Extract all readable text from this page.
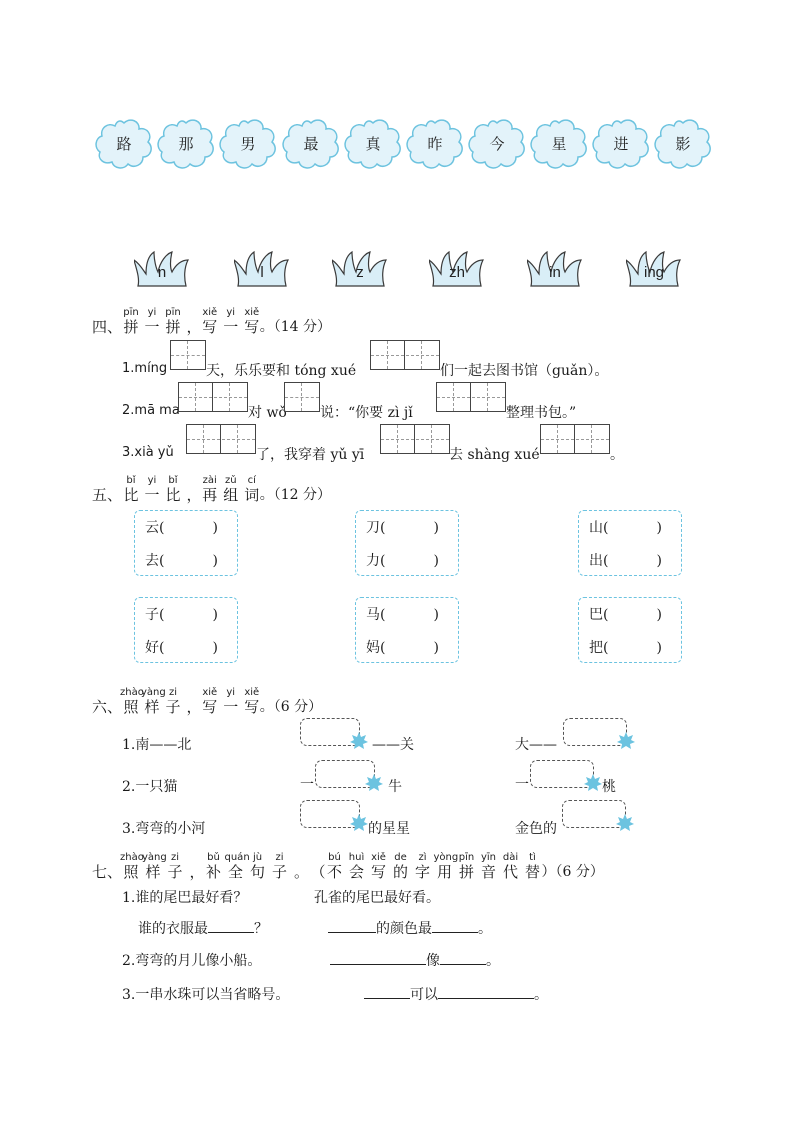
路	那	男	最	真	昨	今	星	进	影
n	l	z	zh	in	ing
四、
pīn
拼
yi
一
pīn
拼 ，
xiě
写
yi
一
xiě
写 。（14 分）
1.míng	天，乐乐要和 tóng xué	们一起去图书馆（guǎn）。
2.mā ma	对 wǒ 说：“你要 zì jǐ	整理书包。”
3.xià yǔ	了，我穿着 yǔ yī	去 shàng xué	。
五、
bǐ
比
yi
一
bǐ
比 ，
zài
再
zǔ
组
cí
词 。（12 分）
云(	)
去(	)
刀(	)
力(	)
山(	)
出(	)
子(	)
好(	)
马(	)
妈(	)
巴(	)
把(	)
六、
zhào
照
yàng
样
zi
子 ，
xiě
写
yi
一
xiě
写 。（6 分）
1.南——北	——关	大——
2.一只猫	一	牛	一	桃
3.弯弯的小河	的星星	金色的
七、
zhào
照
yàng
样
zi
子 ，
bǔ
补
quán
全
jù
句
zi
子 。 （
bú
不
huì
会
xiě
写
de
的
zì
字
yòng
用
pīn
拼
yīn
音
dài
代
tì
替 ）（6 分）
1.谁的尾巴最好看？	孔雀的尾巴最好看。
谁的衣服最	？	的颜色最	。
2.弯弯的月儿像小船。	像	。
3.一串水珠可以当省略号。	可以	。
